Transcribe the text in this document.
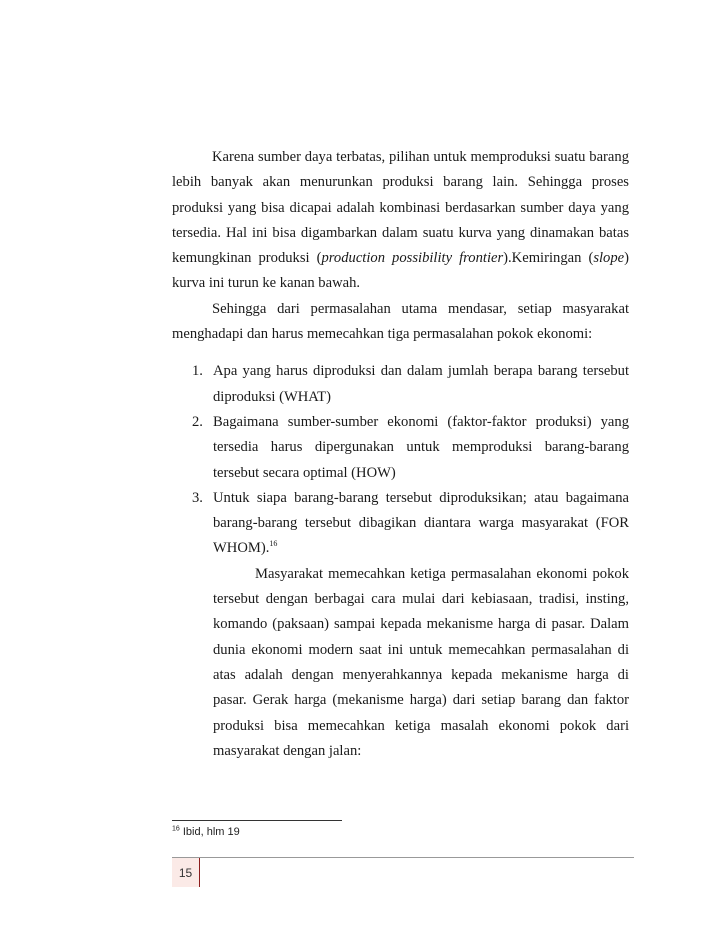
Karena sumber daya terbatas, pilihan untuk memproduksi suatu barang lebih banyak akan menurunkan produksi barang lain. Sehingga proses produksi yang bisa dicapai adalah kombinasi berdasarkan sumber daya yang tersedia. Hal ini bisa digambarkan dalam suatu kurva yang dinamakan batas kemungkinan produksi (production possibility frontier).Kemiringan (slope) kurva ini turun ke kanan bawah.

Sehingga dari permasalahan utama mendasar, setiap masyarakat menghadapi dan harus memecahkan tiga permasalahan pokok ekonomi:

1. Apa yang harus diproduksi dan dalam jumlah berapa barang tersebut diproduksi (WHAT)
2. Bagaimana sumber-sumber ekonomi (faktor-faktor produksi) yang tersedia harus dipergunakan untuk memproduksi barang-barang tersebut secara optimal (HOW)
3. Untuk siapa barang-barang tersebut diproduksikan; atau bagaimana barang-barang tersebut dibagikan diantara warga masyarakat (FOR WHOM).$^{16}$

Masyarakat memecahkan ketiga permasalahan ekonomi pokok tersebut dengan berbagai cara mulai dari kebiasaan, tradisi, insting, komando (paksaan) sampai kepada mekanisme harga di pasar. Dalam dunia ekonomi modern saat ini untuk memecahkan permasalahan di atas adalah dengan menyerahkannya kepada mekanisme harga di pasar. Gerak harga (mekanisme harga) dari setiap barang dan faktor produksi bisa memecahkan ketiga masalah ekonomi pokok dari masyarakat dengan jalan:

$^{16}$ Ibid, hlm 19
15
